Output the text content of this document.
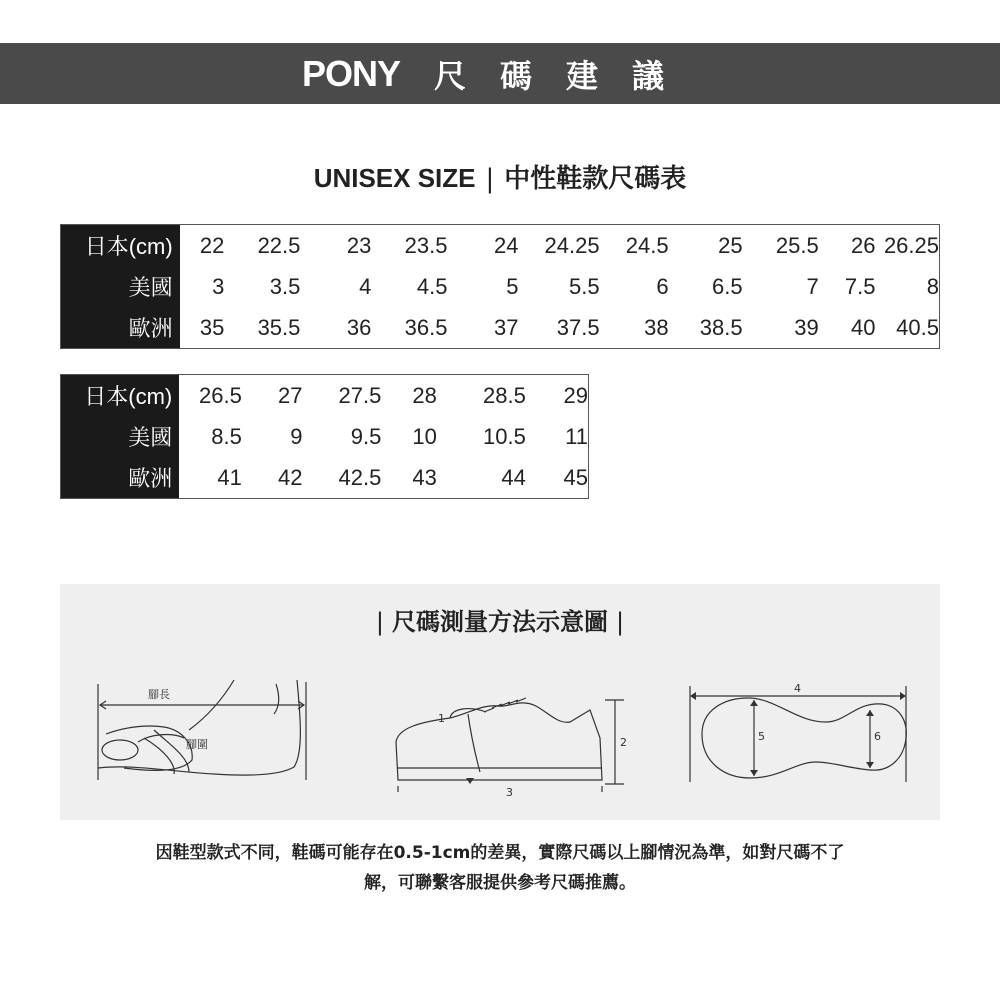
PONY 尺碼建議
UNISEX SIZE | 中性鞋款尺碼表
日本(cm)	22	22.5	23	23.5	24	24.25	24.5	25	25.5	26	26.25
美國	3	3.5	4	4.5	5	5.5	6	6.5	7	7.5	8
歐洲	35	35.5	36	36.5	37	37.5	38	38.5	39	40	40.5
日本(cm)	26.5	27	27.5	28	28.5	29
美國	8.5	9	9.5	10	10.5	11
歐洲	41	42	42.5	43	44	45
| 尺碼測量方法示意圖 |
腳長
腳圍
1
2
3
4
5	6
因鞋型款式不同，鞋碼可能存在0.5-1cm的差異，實際尺碼以上腳情況為準，如對尺碼不了
解，可聯繫客服提供參考尺碼推薦。
